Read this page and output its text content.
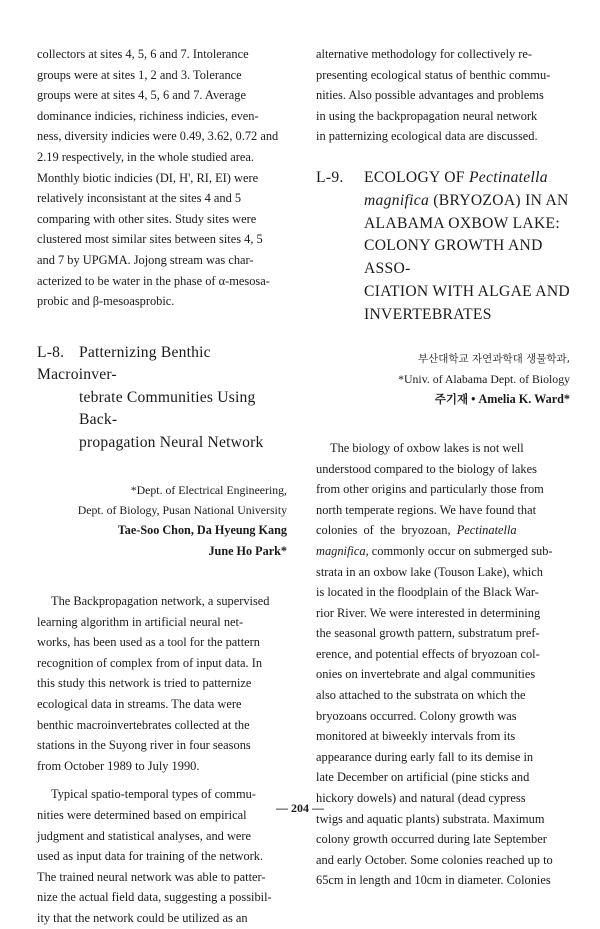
collectors at sites 4, 5, 6 and 7. Intolerance

groups were at sites 1, 2 and 3. Tolerance

groups were at sites 4, 5, 6 and 7. Average

dominance indicies, richiness indicies, even-

ness, diversity indicies were 0.49, 3.62, 0.72 and

2.19 respectively, in the whole studied area.

Monthly biotic indicies (DI, H', RI, EI) were

relatively inconsistant at the sites 4 and 5

comparing with other sites. Study sites were

clustered most similar sites between sites 4, 5

and 7 by UPGMA. Jojong stream was char-

acterized to be water in the phase of α-mesosa-

probic and β-mesoasprobic.

L-8. Patternizing Benthic Macroinver-
tebrate Communities Using Back-
propagation Neural Network
*Dept. of Electrical Engineering,
Dept. of Biology, Pusan National University
Tae-Soo Chon, Da Hyeung Kang
June Ho Park*

The Backpropagation network, a supervised

learning algorithm in artificial neural net-

works, has been used as a tool for the pattern

recognition of complex from of input data. In

this study this network is tried to patternize

ecological data in streams. The data were

benthic macroinvertebrates collected at the

stations in the Suyong river in four seasons

from October 1989 to July 1990.

Typical spatio-temporal types of commu-

nities were determined based on empirical

judgment and statistical analyses, and were

used as input data for training of the network.

The trained neural network was able to patter-

nize the actual field data, suggesting a possibil-

ity that the network could be utilized as an

alternative methodology for collectively re-

presenting ecological status of benthic commu-

nities. Also possible advantages and problems

in using the backpropagation neural network

in patternizing ecological data are discussed.

L-9. ECOLOGY OF Pectinatella
magnifica (BRYOZOA) IN AN
ALABAMA OXBOW LAKE:
COLONY GROWTH AND ASSO-
CIATION WITH ALGAE AND
INVERTEBRATES
부산대학교 자연과학대 생물학과,
*Univ. of Alabama Dept. of Biology
주기재 • Amelia K. Ward*

The biology of oxbow lakes is not well

understood compared to the biology of lakes

from other origins and particularly those from

north temperate regions. We have found that

colonies  of  the  bryozoan,  Pectinatella

magnifica, commonly occur on submerged sub-

strata in an oxbow lake (Touson Lake), which

is located in the floodplain of the Black War-

rior River. We were interested in determining

the seasonal growth pattern, substratum pref-

erence, and potential effects of bryozoan col-

onies on invertebrate and algal communities

also attached to the substrata on which the

bryozoans occurred. Colony growth was

monitored at biweekly intervals from its

appearance during early fall to its demise in

late December on artificial (pine sticks and

hickory dowels) and natural (dead cypress

twigs and aquatic plants) substrata. Maximum

colony growth occurred during late September

and early October. Some colonies reached up to

65cm in length and 10cm in diameter. Colonies

— 204 —
